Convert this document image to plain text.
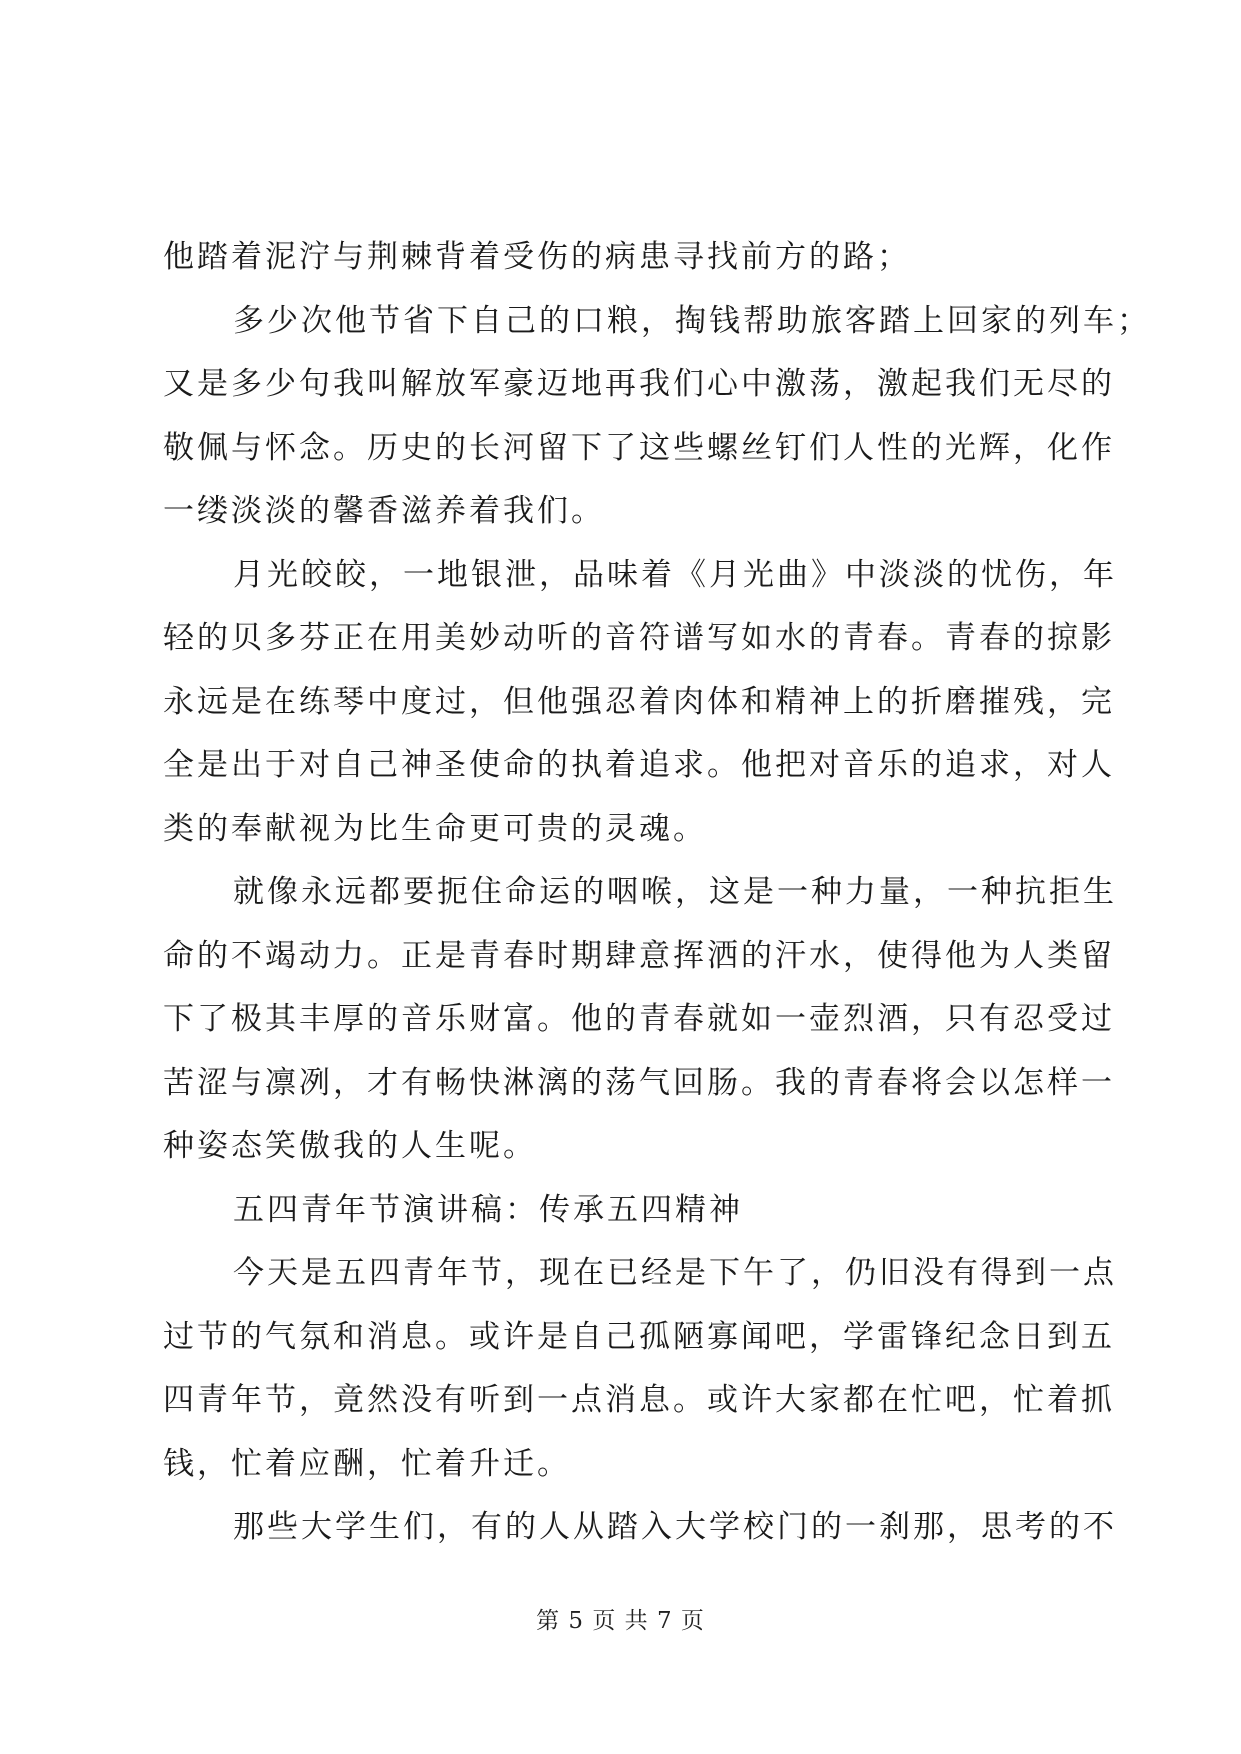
他踏着泥泞与荆棘背着受伤的病患寻找前方的路；
多少次他节省下自己的口粮，掏钱帮助旅客踏上回家的列车；
又是多少句我叫解放军豪迈地再我们心中激荡，激起我们无尽的
敬佩与怀念。历史的长河留下了这些螺丝钉们人性的光辉，化作
一缕淡淡的馨香滋养着我们。
月光皎皎，一地银泄，品味着《月光曲》中淡淡的忧伤，年
轻的贝多芬正在用美妙动听的音符谱写如水的青春。青春的掠影
永远是在练琴中度过，但他强忍着肉体和精神上的折磨摧残，完
全是出于对自己神圣使命的执着追求。他把对音乐的追求，对人
类的奉献视为比生命更可贵的灵魂。
就像永远都要扼住命运的咽喉，这是一种力量，一种抗拒生
命的不竭动力。正是青春时期肆意挥洒的汗水，使得他为人类留
下了极其丰厚的音乐财富。他的青春就如一壶烈酒，只有忍受过
苦涩与凛冽，才有畅快淋漓的荡气回肠。我的青春将会以怎样一
种姿态笑傲我的人生呢。
五四青年节演讲稿：传承五四精神
今天是五四青年节，现在已经是下午了，仍旧没有得到一点
过节的气氛和消息。或许是自己孤陋寡闻吧，学雷锋纪念日到五
四青年节，竟然没有听到一点消息。或许大家都在忙吧，忙着抓
钱，忙着应酬，忙着升迁。
那些大学生们，有的人从踏入大学校门的一刹那，思考的不
第 5 页 共 7 页
